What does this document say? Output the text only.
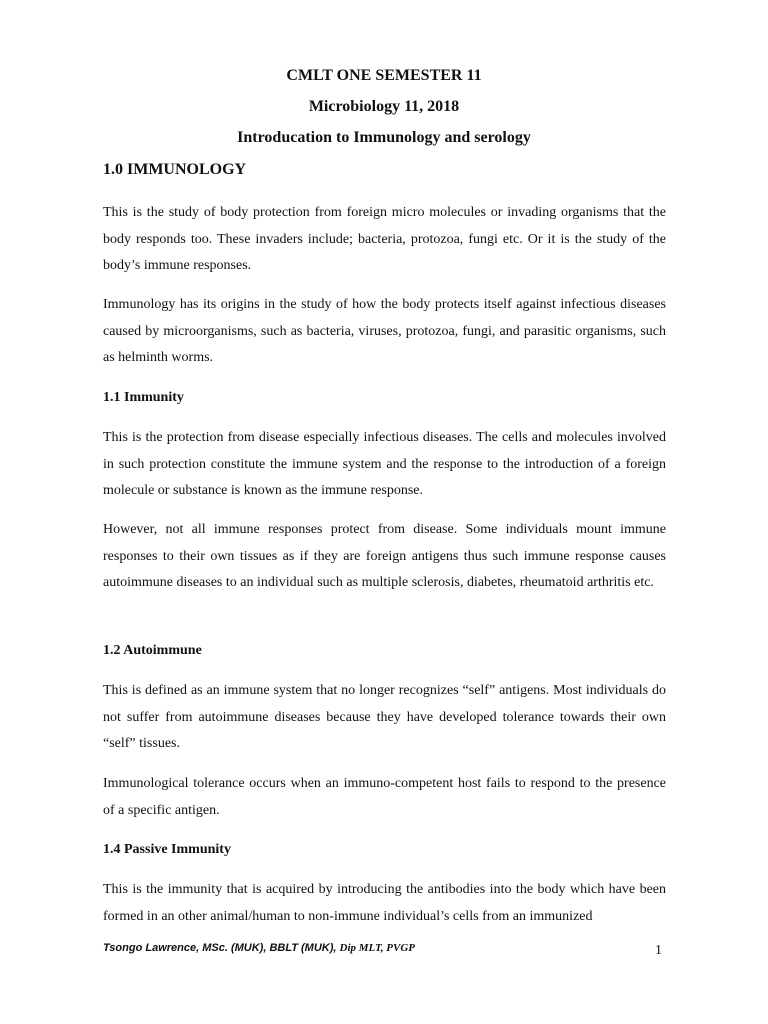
CMLT ONE SEMESTER 11

Microbiology 11, 2018

Introducation to Immunology and serology

1.0 IMMUNOLOGY

This is the study of body protection from foreign micro molecules or invading organisms that the body responds too. These invaders include; bacteria, protozoa, fungi etc. Or it is the study of the body’s immune responses.

Immunology has its origins in the study of how the body protects itself against infectious diseases caused by microorganisms, such as bacteria, viruses, protozoa, fungi, and parasitic organisms, such as helminth worms.

1.1 Immunity

This is the protection from disease especially infectious diseases. The cells and molecules involved in such protection constitute the immune system and the response to the introduction of a foreign molecule or substance is known as the immune response.

However, not all immune responses protect from disease. Some individuals mount immune responses to their own tissues as if they are foreign antigens thus such immune response causes autoimmune diseases to an individual such as multiple sclerosis, diabetes, rheumatoid arthritis etc.

1.2 Autoimmune

This is defined as an immune system that no longer recognizes “self” antigens. Most individuals do not suffer from autoimmune diseases because they have developed tolerance towards their own “self” tissues.

Immunological tolerance occurs when an immuno-competent host fails to respond to the presence of a specific antigen.

1.4 Passive Immunity

This is the immunity that is acquired by introducing the antibodies into the body which have been formed in an other animal/human to non-immune individual’s cells from an immunized

Tsongo Lawrence, MSc. (MUK), BBLT (MUK), Dip MLT, PVGP	1
